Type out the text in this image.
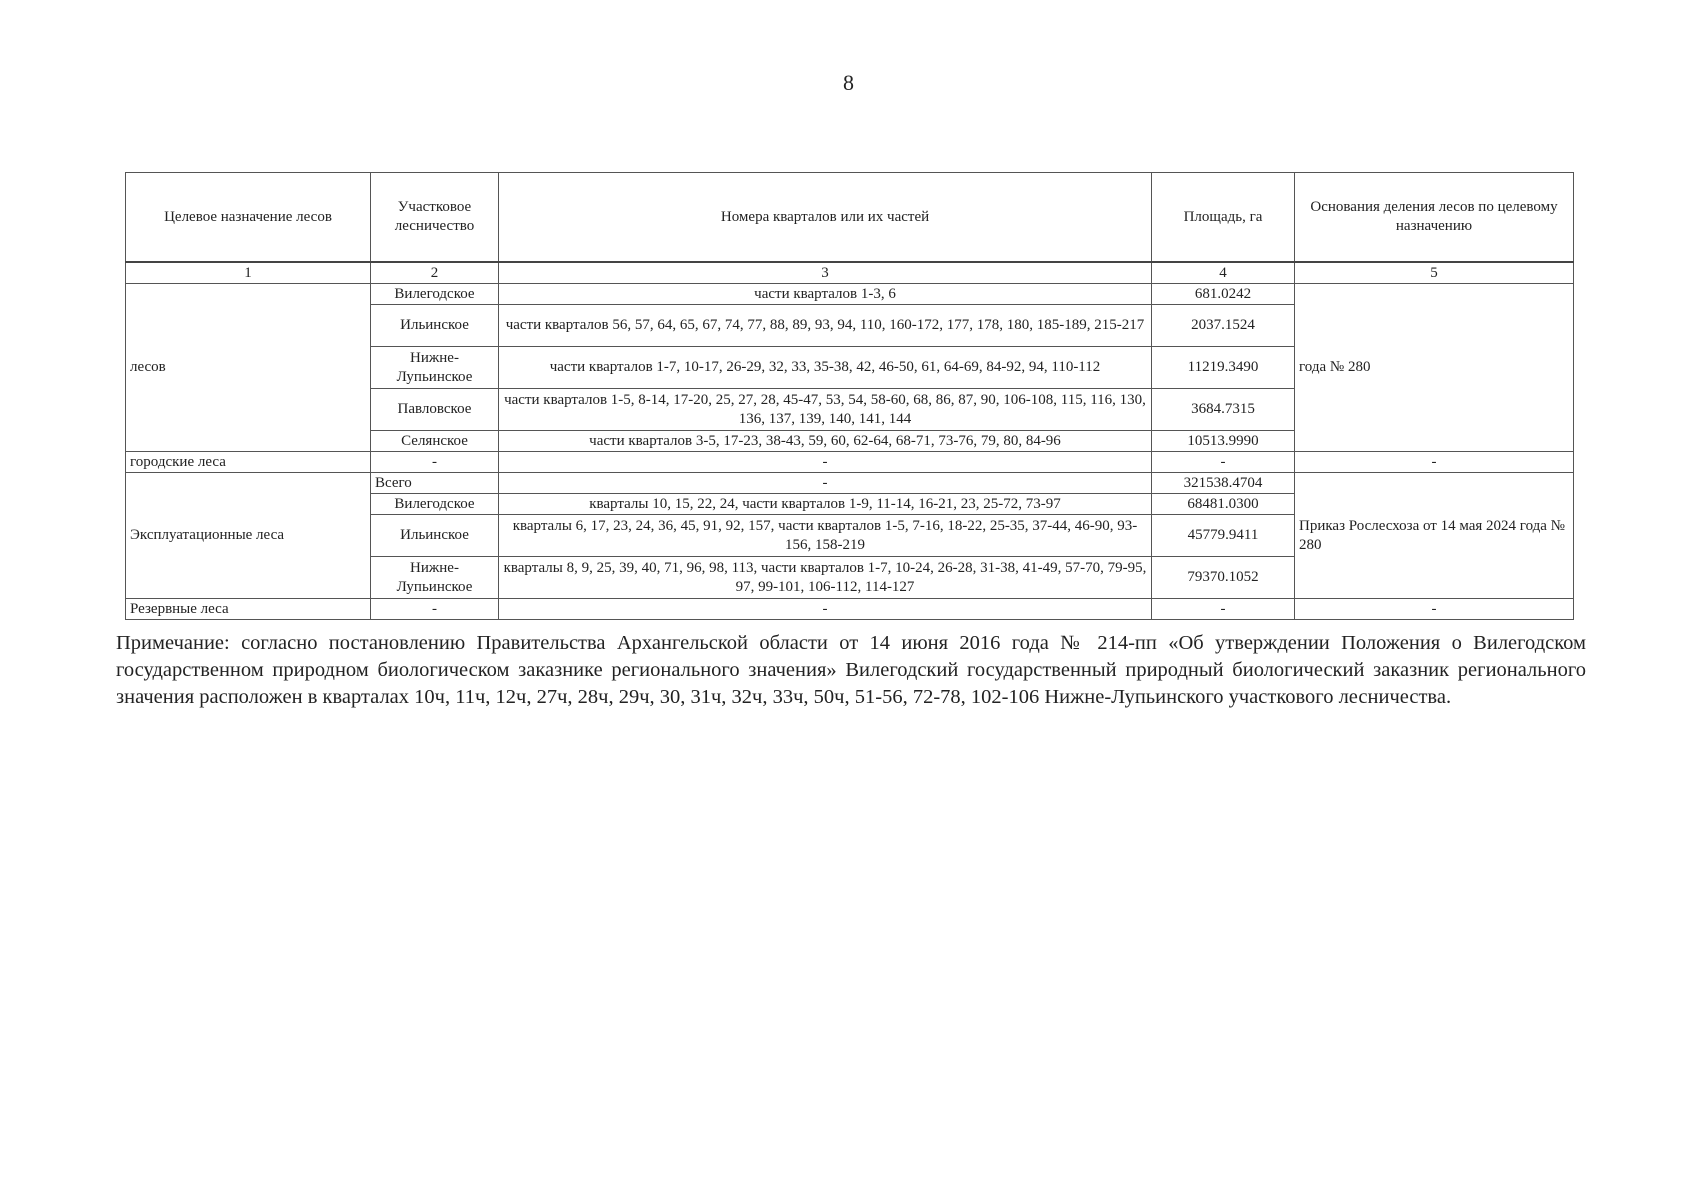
8
Целевое назначение лесов	Участковое лесничество	Номера кварталов или их частей	Площадь, га	Основания деления лесов по целевому назначению
1	2	3	4	5
лесов	Вилегодское	части кварталов 1-3, 6	681.0242	года № 280
	Ильинское	части кварталов 56, 57, 64, 65, 67, 74, 77, 88, 89, 93, 94, 110, 160-172, 177, 178, 180, 185-189, 215-217	2037.1524	
	Нижне-Лупьинское	части кварталов 1-7, 10-17, 26-29, 32, 33, 35-38, 42, 46-50, 61, 64-69, 84-92, 94, 110-112	11219.3490	
	Павловское	части кварталов 1-5, 8-14, 17-20, 25, 27, 28, 45-47, 53, 54, 58-60, 68, 86, 87, 90, 106-108, 115, 116, 130, 136, 137, 139, 140, 141, 144	3684.7315	
	Селянское	части кварталов 3-5, 17-23, 38-43, 59, 60, 62-64, 68-71, 73-76, 79, 80, 84-96	10513.9990	
городские леса	-	-	-	-
Эксплуатационные леса	Всего	-	321538.4704	Приказ Рослесхоза от 14 мая 2024 года № 280
	Вилегодское	кварталы 10, 15, 22, 24, части кварталов 1-9, 11-14, 16-21, 23, 25-72, 73-97	68481.0300	
	Ильинское	кварталы 6, 17, 23, 24, 36, 45, 91, 92, 157, части кварталов 1-5, 7-16, 18-22, 25-35, 37-44, 46-90, 93-156, 158-219	45779.9411	
	Нижне-Лупьинское	кварталы 8, 9, 25, 39, 40, 71, 96, 98, 113, части кварталов 1-7, 10-24, 26-28, 31-38, 41-49, 57-70, 79-95, 97, 99-101, 106-112, 114-127	79370.1052	
Резервные леса	-	-	-	-
Примечание: согласно постановлению Правительства Архангельской области от 14 июня 2016 года № 214-пп «Об утверждении Положения о Вилегодском государственном природном биологическом заказнике регионального значения» Вилегодский государственный природный биологический заказник регионального значения расположен в кварталах 10ч, 11ч, 12ч, 27ч, 28ч, 29ч, 30, 31ч, 32ч, 33ч, 50ч, 51-56, 72-78, 102-106 Нижне-Лупьинского участкового лесничества.
